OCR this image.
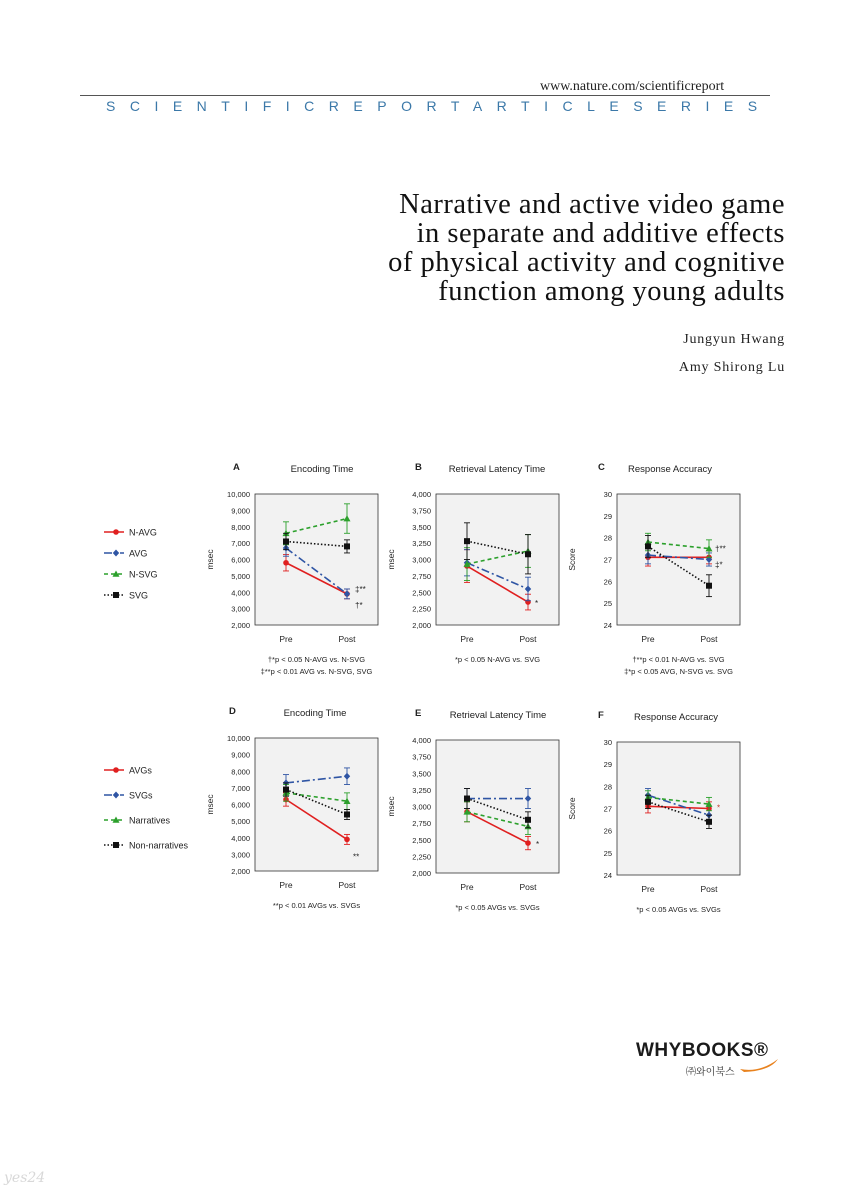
www.nature.com/scientificreport
SCIENTIFICREPORTARTICLESERIES
Narrative and active video game
in separate and additive effects
of physical activity and cognitive
function among young adults
Jungyun Hwang
Amy Shirong Lu
A	Encoding Time
2,000
3,000
4,000
5,000
6,000
7,000
8,000
9,000
10,000
msec
Pre	Post
‡**
†*
†*p < 0.05 N-AVG vs. N-SVG
‡**p < 0.01 AVG vs. N-SVG, SVG
B	Retrieval Latency Time
2,000
2,250
2,500
2,750
3,000
3,250
3,500
3,750
4,000
msec
Pre	Post
*
*p < 0.05 N-AVG vs. SVG
C Response Accuracy
24
25
26
27
28
29
30
Score
Pre	Post
†**
‡*
†**p < 0.01 N-AVG vs. SVG
‡*p < 0.05 AVG, N-SVG vs. SVG
D	Encoding Time
2,000
3,000
4,000
5,000
6,000
7,000
8,000
9,000
10,000
msec
Pre	Post
**
**p < 0.01 AVGs vs. SVGs
E	Retrieval Latency Time
2,000
2,250
2,500
2,750
3,000
3,250
3,500
3,750
4,000
msec
Pre	Post
*
*p < 0.05 AVGs vs. SVGs
F	Response Accuracy
24
25
26
27
28
29
30
Score
Pre	Post
*
*p < 0.05 AVGs vs. SVGs
N-AVG
AVG
N-SVG
SVG
AVGs
SVGs
Narratives
Non-narratives
WHYBOOKS®
㈜와이북스
yes24
